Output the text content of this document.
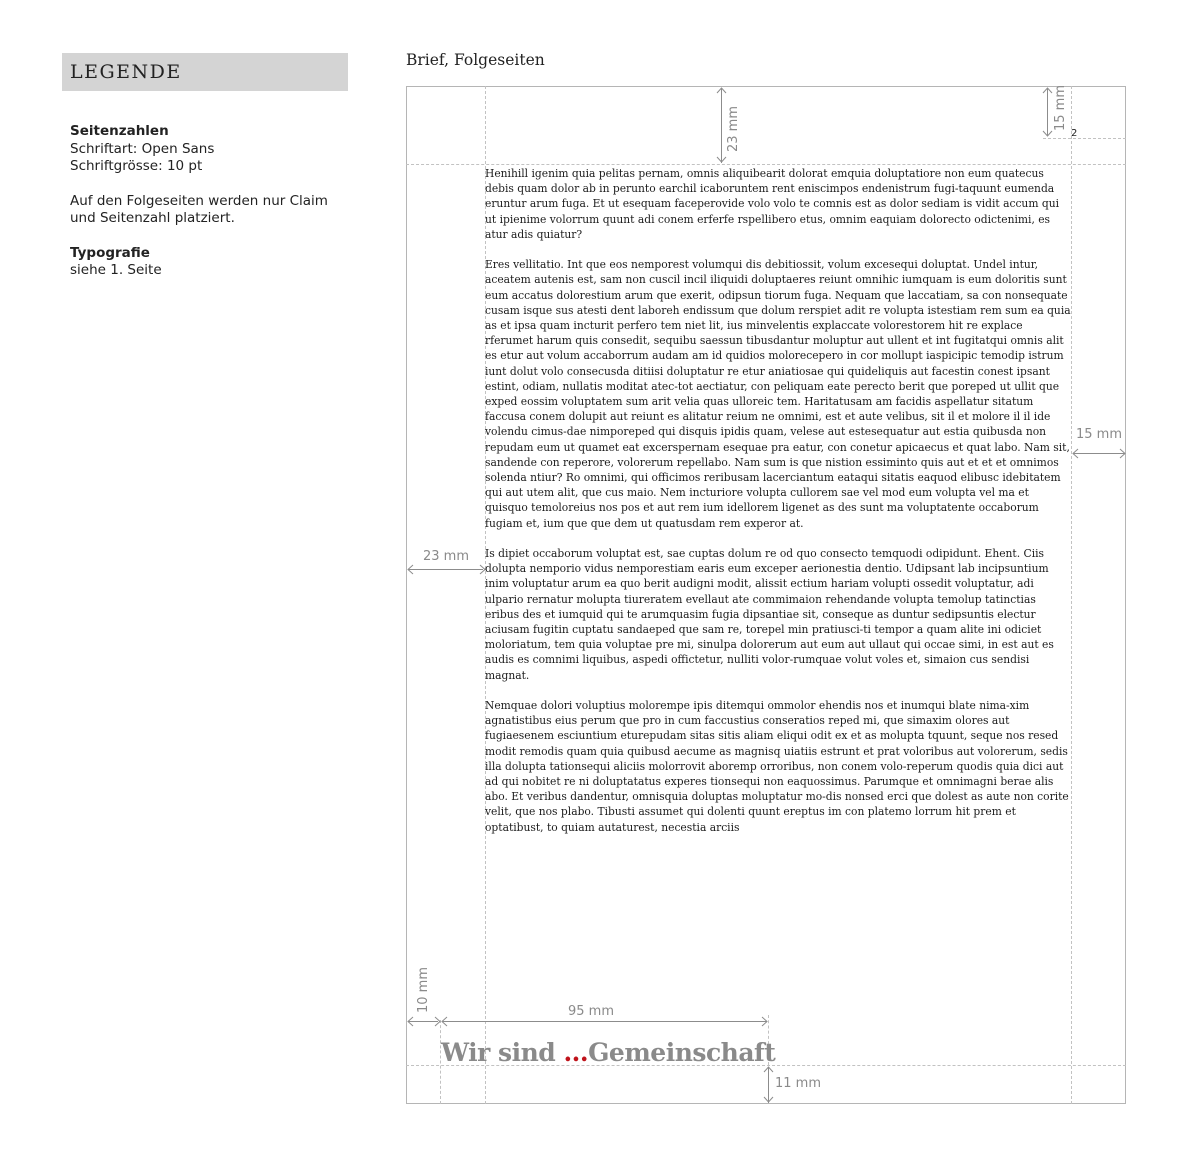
LEGENDE

Seitenzahlen
Schriftart: Open Sans
Schriftgrösse: 10 pt

Auf den Folgeseiten werden nur Claim und Seitenzahl platziert.

Typografie
siehe 1. Seite

Brief, Folgeseiten
23 mm	15 mm
2
15 mm
23 mm
10 mm	95 mm
11 mm

Henihill igenim quia pelitas pernam, omnis aliquibearit dolorat emquia doluptatiore non eum quatecus debis quam dolor ab in perunto earchil icaboruntem rent eniscimpos endenistrum fugi-taquunt eumenda eruntur arum fuga. Et ut esequam faceperovide volo volo te comnis est as dolor sediam is vidit accum qui ut ipienime volorrum quunt adi conem erferfe rspellibero etus, omnim eaquiam dolorecto odictenimi, es atur adis quiatur?

Eres vellitatio. Int que eos nemporest volumqui dis debitiossit, volum excesequi doluptat. Undel intur, aceatem autenis est, sam non cuscil incil iliquidi doluptaeres reiunt omnihic iumquam is eum doloritis sunt eum accatus dolorestium arum que exerit, odipsun tiorum fuga. Nequam que laccatiam, sa con nonsequate cusam isque sus atesti dent laboreh endissum que dolum rerspiet adit re volupta istestiam rem sum ea quia as et ipsa quam incturit perfero tem niet lit, ius minvelentis explaccate volorestorem hit re explace rferumet harum quis consedit, sequibu saessun tibusdantur moluptur aut ullent et int fugitatqui omnis alit es etur aut volum accaborrum audam am id quidios molorecepero in cor mollupt iaspicipic temodip istrum iunt dolut volo consecusda ditiisi doluptatur re etur aniatiosae qui quideliquis aut facestin conest ipsant estint, odiam, nullatis moditat atec-tot aectiatur, con peliquam eate perecto berit que poreped ut ullit que exped eossim voluptatem sum arit velia quas ulloreic tem. Haritatusam am facidis aspellatur sitatum faccusa conem dolupit aut reiunt es alitatur reium ne omnimi, est et aute velibus, sit il et molore il il ide volendu cimus-dae nimporeped qui disquis ipidis quam, velese aut estesequatur aut estia quibusda non repudam eum ut quamet eat excerspernam esequae pra eatur, con conetur apicaecus et quat labo. Nam sit, sandende con reperore, volorerum repellabo. Nam sum is que nistion essiminto quis aut et et et omnimos solenda ntiur? Ro omnimi, qui officimos reribusam lacerciantum eataqui sitatis eaquod elibusc idebitatem qui aut utem alit, que cus maio. Nem incturiore volupta cullorem sae vel mod eum volupta vel ma et quisquo temoloreius nos pos et aut rem ium idellorem ligenet as des sunt ma voluptatente occaborum fugiam et, ium que que dem ut quatusdam rem experor at.

Is dipiet occaborum voluptat est, sae cuptas dolum re od quo consecto temquodi odipidunt. Ehent. Ciis dolupta nemporio vidus nemporestiam earis eum exceper aerionestia dentio. Udipsant lab incipsuntium inim voluptatur arum ea quo berit audigni modit, alissit ectium hariam volupti ossedit voluptatur, adi ulpario rernatur molupta tiureratem evellaut ate commimaion rehendande volupta temolup tatinctias eribus des et iumquid qui te arumquasim fugia dipsantiae sit, conseque as duntur sedipsuntis electur aciusam fugitin cuptatu sandaeped que sam re, torepel min pratiusci-ti tempor a quam alite ini odiciet moloriatum, tem quia voluptae pre mi, sinulpa dolorerum aut eum aut ullaut qui occae simi, in est aut es audis es comnimi liquibus, aspedi offictetur, nulliti volor-rumquae volut voles et, simaion cus sendisi magnat.

Nemquae dolori voluptius molorempe ipis ditemqui ommolor ehendis nos et inumqui blate nima-xim agnatistibus eius perum que pro in cum faccustius conseratios reped mi, que simaxim olores aut fugiaesenem esciuntium eturepudam sitas sitis aliam eliqui odit ex et as molupta tquunt, seque nos resed modit remodis quam quia quibusd aecume as magnisq uiatiis estrunt et prat voloribus aut volorerum, sedis illa dolupta tationsequi aliciis molorrovit aboremp orroribus, non conem volo-reperum quodis quia dici aut ad qui nobitet re ni doluptatatus experes tionsequi non eaquossimus. Parumque et omnimagni berae alis abo. Et veribus dandentur, omnisquia doluptas moluptatur mo-dis nonsed erci que dolest as aute non corite velit, que nos plabo. Tibusti assumet qui dolenti quunt ereptus im con platemo lorrum hit prem et optatibust, to quiam autaturest, necestia arciis

Wir sind ...Gemeinschaft
